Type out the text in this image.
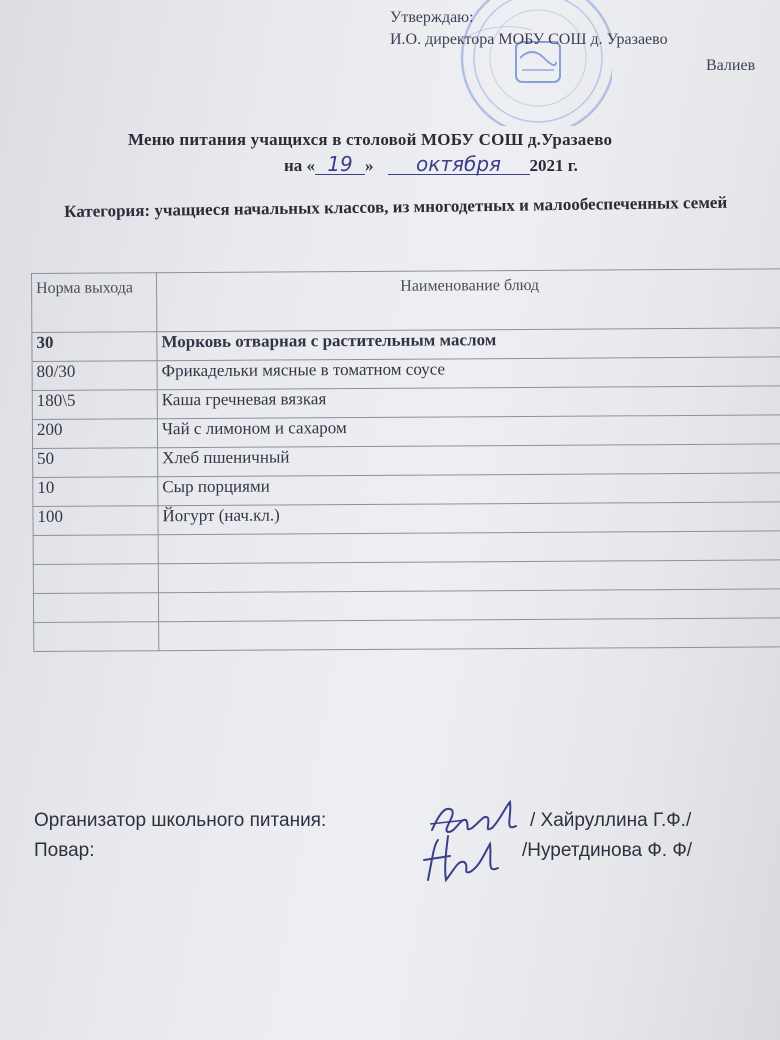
Утверждаю:
И.О. директора МОБУ СОШ д. Уразаево
Валиев
Меню питания учащихся в столовой МОБУ СОШ д.Уразаево
на « 19 » октября 2021 г.
Категория: учащиеся начальных классов, из многодетных и малообеспеченных семей
Норма выхода	Наименование блюд
30	Морковь отварная с растительным маслом
80/30	Фрикадельки мясные в томатном соусе
180\5	Каша гречневая вязкая
200	Чай с лимоном и сахаром
50	Хлеб пшеничный
10	Сыр порциями
100	Йогурт (нач.кл.)

Организатор школьного питания:	/ Хайруллина Г.Ф./
Повар:	/Нуретдинова Ф. Ф/
